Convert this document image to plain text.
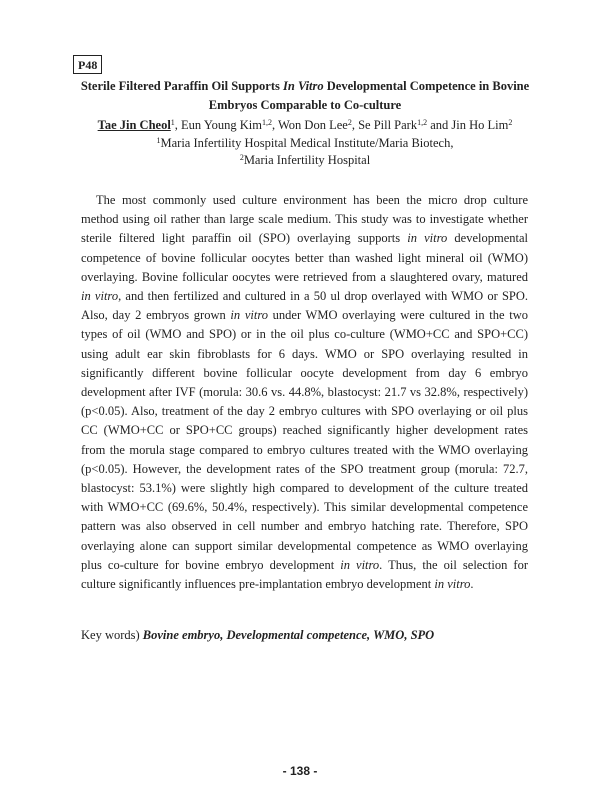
P48
Sterile Filtered Paraffin Oil Supports In Vitro Developmental Competence in Bovine
Embryos Comparable to Co-culture
Tae Jin Cheol$^1$, Eun Young Kim$^{1,2}$, Won Don Lee$^2$, Se Pill Park$^{1,2}$ and Jin Ho Lim$^2$
$^1$Maria Infertility Hospital Medical Institute/Maria Biotech,
$^2$Maria Infertility Hospital

The most commonly used culture environment has been the micro drop culture method using oil rather than large scale medium. This study was to investigate whether sterile filtered light paraffin oil (SPO) overlaying supports in vitro developmental competence of bovine follicular oocytes better than washed light mineral oil (WMO) overlaying. Bovine follicular oocytes were retrieved from a slaughtered ovary, matured in vitro, and then fertilized and cultured in a 50 ul drop overlayed with WMO or SPO. Also, day 2 embryos grown in vitro under WMO overlaying were cultured in the two types of oil (WMO and SPO) or in the oil plus co-culture (WMO+CC and SPO+CC) using adult ear skin fibroblasts for 6 days. WMO or SPO overlaying resulted in significantly different bovine follicular oocyte development from day 6 embryo development after IVF (morula: 30.6 vs. 44.8%, blastocyst: 21.7 vs 32.8%, respectively) (p<0.05). Also, treatment of the day 2 embryo cultures with SPO overlaying or oil plus CC (WMO+CC or SPO+CC groups) reached significantly higher development rates from the morula stage compared to embryo cultures treated with the WMO overlaying (p<0.05). However, the development rates of the SPO treatment group (morula: 72.7, blastocyst: 53.1%) were slightly high compared to development of the culture treated with WMO+CC (69.6%, 50.4%, respectively). This similar developmental competence pattern was also observed in cell number and embryo hatching rate. Therefore, SPO overlaying alone can support similar developmental competence as WMO overlaying plus co-culture for bovine embryo development in vitro. Thus, the oil selection for culture significantly influences pre-implantation embryo development in vitro.

Key words) Bovine embryo, Developmental competence, WMO, SPO
- 138 -
